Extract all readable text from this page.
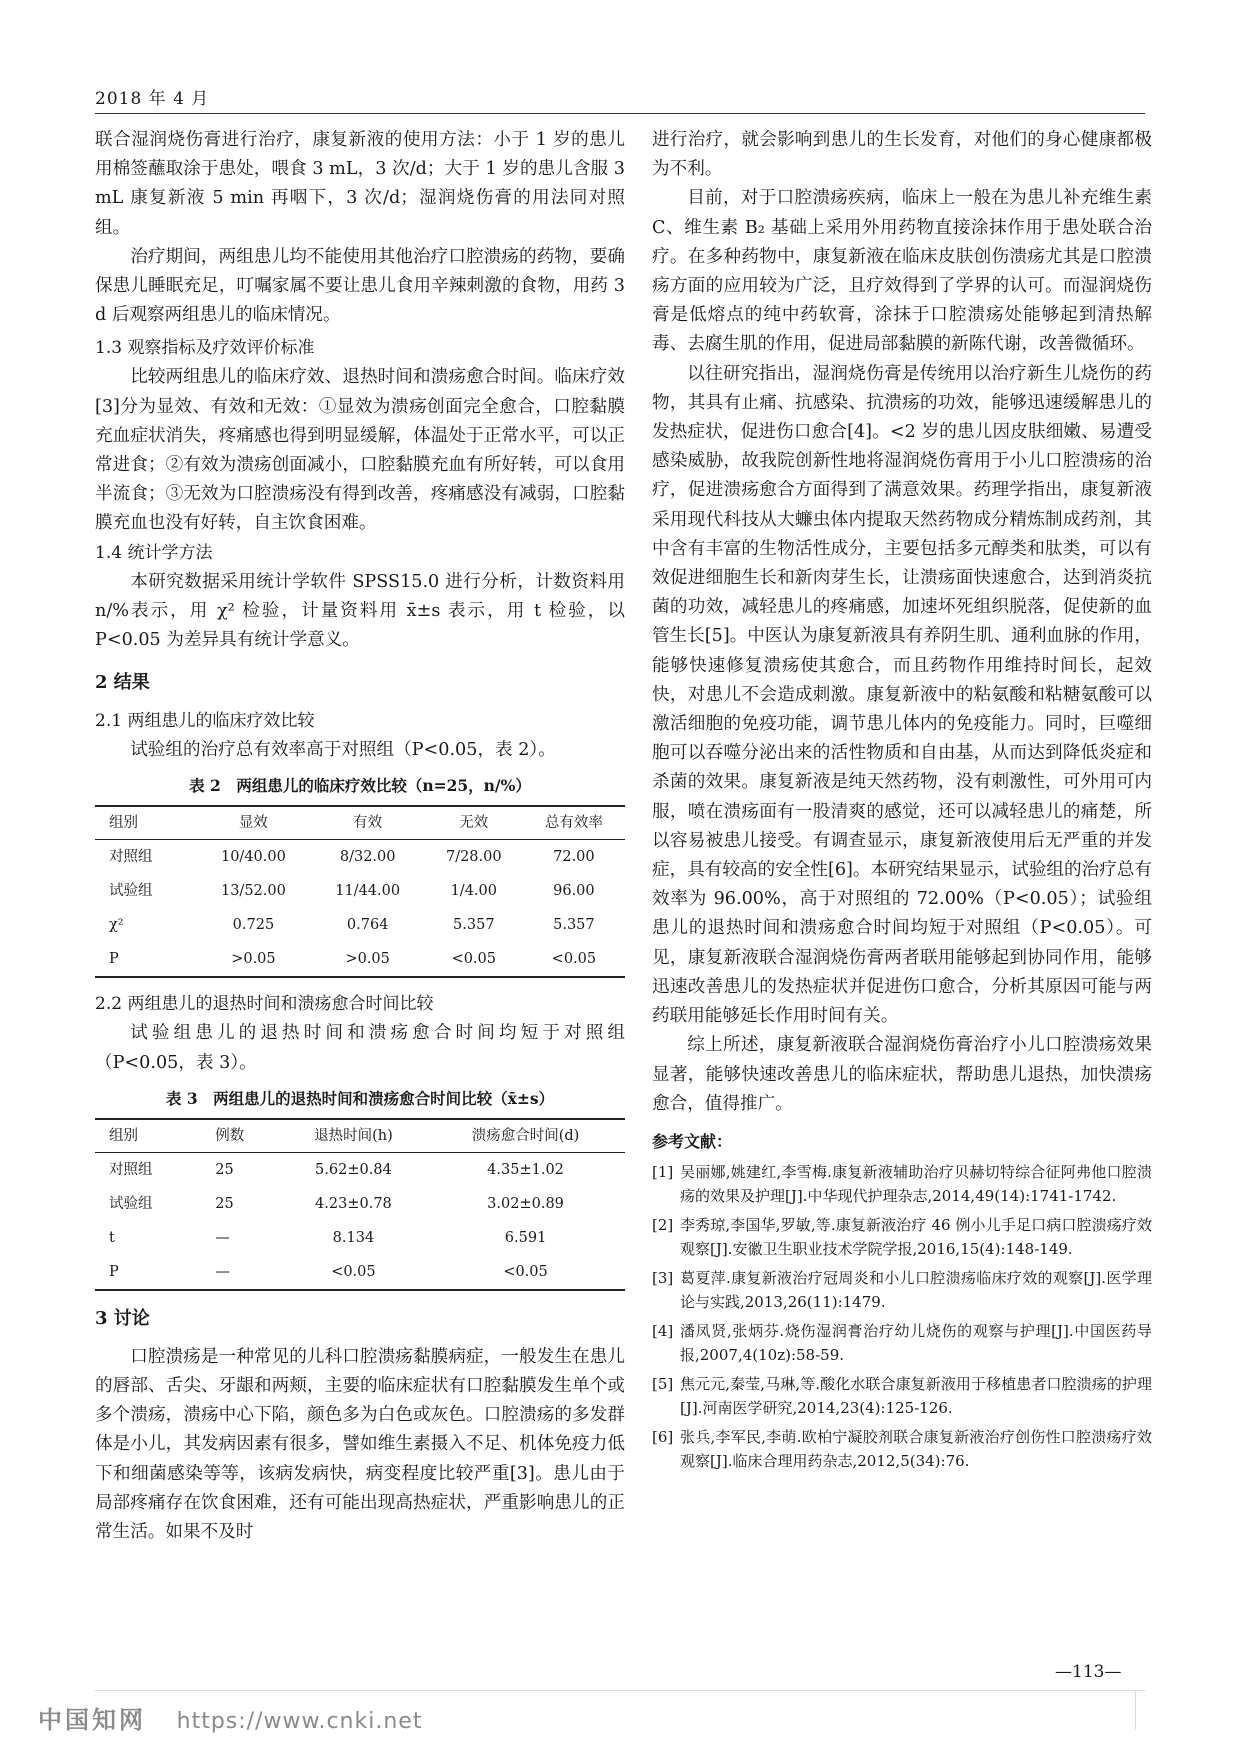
2018 年 4 月

联合湿润烧伤膏进行治疗，康复新液的使用方法：小于 1 岁的患儿用棉签蘸取涂于患处，喂食 3 mL，3 次/d；大于 1 岁的患儿含服 3 mL 康复新液 5 min 再咽下，3 次/d；湿润烧伤膏的用法同对照组。

治疗期间，两组患儿均不能使用其他治疗口腔溃疡的药物，要确保患儿睡眠充足，叮嘱家属不要让患儿食用辛辣刺激的食物，用药 3 d 后观察两组患儿的临床情况。

1.3 观察指标及疗效评价标准

比较两组患儿的临床疗效、退热时间和溃疡愈合时间。临床疗效[3]分为显效、有效和无效：①显效为溃疡创面完全愈合，口腔黏膜充血症状消失，疼痛感也得到明显缓解，体温处于正常水平，可以正常进食；②有效为溃疡创面减小，口腔黏膜充血有所好转，可以食用半流食；③无效为口腔溃疡没有得到改善，疼痛感没有减弱，口腔黏膜充血也没有好转，自主饮食困难。

1.4 统计学方法

本研究数据采用统计学软件 SPSS15.0 进行分析，计数资料用 n/%表示，用 χ² 检验，计量资料用 x̄±s 表示，用 t 检验，以 P<0.05 为差异具有统计学意义。

2 结果
2.1 两组患儿的临床疗效比较

试验组的治疗总有效率高于对照组（P<0.05，表 2）。

表 2　两组患儿的临床疗效比较（n=25，n/%）
组别	显效	有效	无效	总有效率
对照组	10/40.00	8/32.00	7/28.00	72.00
试验组	13/52.00	11/44.00	1/4.00	96.00
χ²	0.725	0.764	5.357	5.357
P	>0.05	>0.05	<0.05	<0.05
2.2 两组患儿的退热时间和溃疡愈合时间比较

试验组患儿的退热时间和溃疡愈合时间均短于对照组（P<0.05，表 3）。

表 3　两组患儿的退热时间和溃疡愈合时间比较（x̄±s）
组别	例数	退热时间(h)	溃疡愈合时间(d)
对照组	25	5.62±0.84	4.35±1.02
试验组	25	4.23±0.78	3.02±0.89
t	—	8.134	6.591
P	—	<0.05	<0.05
3 讨论

口腔溃疡是一种常见的儿科口腔溃疡黏膜病症，一般发生在患儿的唇部、舌尖、牙龈和两颊，主要的临床症状有口腔黏膜发生单个或多个溃疡，溃疡中心下陷，颜色多为白色或灰色。口腔溃疡的多发群体是小儿，其发病因素有很多，譬如维生素摄入不足、机体免疫力低下和细菌感染等等，该病发病快，病变程度比较严重[3]。患儿由于局部疼痛存在饮食困难，还有可能出现高热症状，严重影响患儿的正常生活。如果不及时

进行治疗，就会影响到患儿的生长发育，对他们的身心健康都极为不利。

目前，对于口腔溃疡疾病，临床上一般在为患儿补充维生素 C、维生素 B₂ 基础上采用外用药物直接涂抹作用于患处联合治疗。在多种药物中，康复新液在临床皮肤创伤溃疡尤其是口腔溃疡方面的应用较为广泛，且疗效得到了学界的认可。而湿润烧伤膏是低熔点的纯中药软膏，涂抹于口腔溃疡处能够起到清热解毒、去腐生肌的作用，促进局部黏膜的新陈代谢，改善微循环。

以往研究指出，湿润烧伤膏是传统用以治疗新生儿烧伤的药物，其具有止痛、抗感染、抗溃疡的功效，能够迅速缓解患儿的发热症状，促进伤口愈合[4]。<2 岁的患儿因皮肤细嫩、易遭受感染威胁，故我院创新性地将湿润烧伤膏用于小儿口腔溃疡的治疗，促进溃疡愈合方面得到了满意效果。药理学指出，康复新液采用现代科技从大蠊虫体内提取天然药物成分精炼制成药剂，其中含有丰富的生物活性成分，主要包括多元醇类和肽类，可以有效促进细胞生长和新肉芽生长，让溃疡面快速愈合，达到消炎抗菌的功效，减轻患儿的疼痛感，加速坏死组织脱落，促使新的血管生长[5]。中医认为康复新液具有养阴生肌、通利血脉的作用，能够快速修复溃疡使其愈合，而且药物作用维持时间长，起效快，对患儿不会造成刺激。康复新液中的粘氨酸和粘糖氨酸可以激活细胞的免疫功能，调节患儿体内的免疫能力。同时，巨噬细胞可以吞噬分泌出来的活性物质和自由基，从而达到降低炎症和杀菌的效果。康复新液是纯天然药物，没有刺激性，可外用可内服，喷在溃疡面有一股清爽的感觉，还可以减轻患儿的痛楚，所以容易被患儿接受。有调查显示，康复新液使用后无严重的并发症，具有较高的安全性[6]。本研究结果显示，试验组的治疗总有效率为 96.00%，高于对照组的 72.00%（P<0.05）；试验组患儿的退热时间和溃疡愈合时间均短于对照组（P<0.05）。可见，康复新液联合湿润烧伤膏两者联用能够起到协同作用，能够迅速改善患儿的发热症状并促进伤口愈合，分析其原因可能与两药联用能够延长作用时间有关。

综上所述，康复新液联合湿润烧伤膏治疗小儿口腔溃疡效果显著，能够快速改善患儿的临床症状，帮助患儿退热，加快溃疡愈合，值得推广。

参考文献：
[1] 吴丽娜,姚建红,李雪梅.康复新液辅助治疗贝赫切特综合征阿弗他口腔溃疡的效果及护理[J].中华现代护理杂志,2014,49(14):1741-1742.
[2] 李秀琼,李国华,罗敏,等.康复新液治疗 46 例小儿手足口病口腔溃疡疗效观察[J].安徽卫生职业技术学院学报,2016,15(4):148-149.
[3] 葛夏萍.康复新液治疗冠周炎和小儿口腔溃疡临床疗效的观察[J].医学理论与实践,2013,26(11):1479.
[4] 潘凤贤,张炳芬.烧伤湿润膏治疗幼儿烧伤的观察与护理[J].中国医药导报,2007,4(10z):58-59.
[5] 焦元元,秦莹,马琳,等.酸化水联合康复新液用于移植患者口腔溃疡的护理[J].河南医学研究,2014,23(4):125-126.
[6] 张兵,李军民,李萌.欧柏宁凝胶剂联合康复新液治疗创伤性口腔溃疡疗效观察[J].临床合理用药杂志,2012,5(34):76.
—113—
中国知网 https://www.cnki.net
